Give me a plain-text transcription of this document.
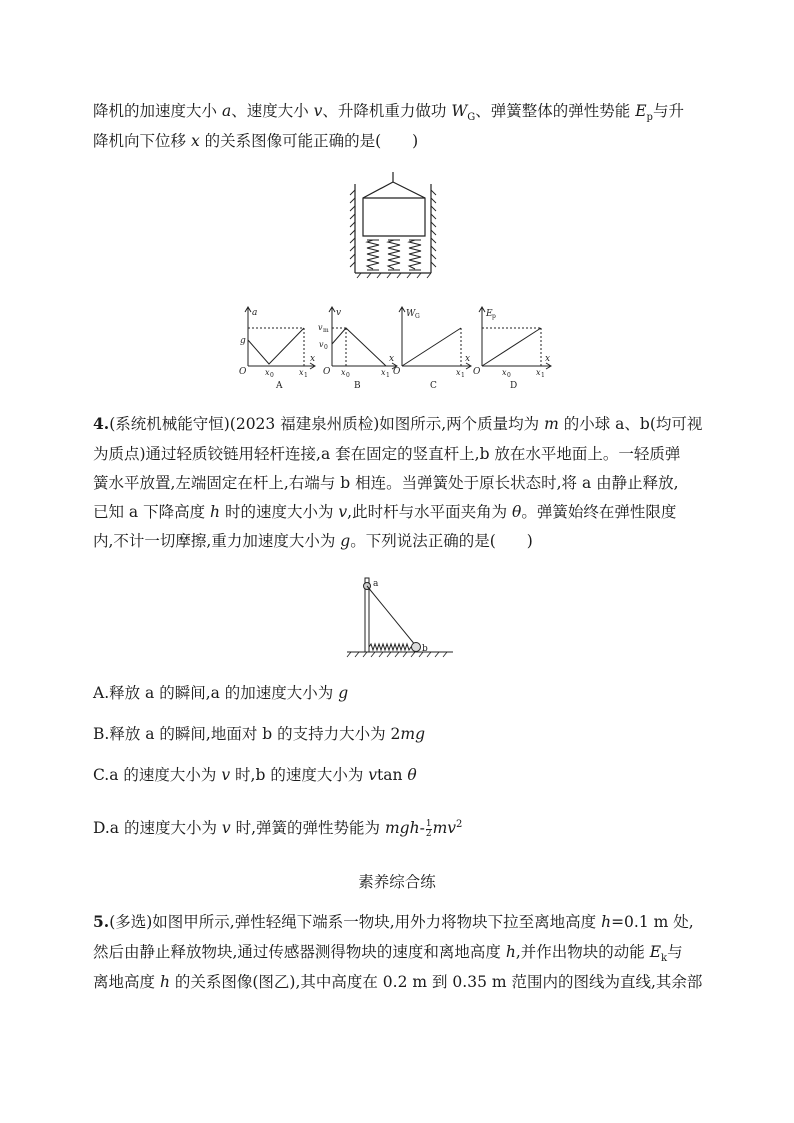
降机的加速度大小 a、速度大小 v、升降机重力做功 $W_G$、弹簧整体的弹性势能 $E_p$与升
降机向下位移 x 的关系图像可能正确的是(　　)
a
g
O x 0	x 1
x
A
v
v m
v 0
O x 0	x 1
x
B
W G
O	x 1
x
C
E p
O	x 0	x 1
x
D
4.(系统机械能守恒)(2023 福建泉州质检)如图所示,两个质量均为 m 的小球 a、b(均可视
为质点)通过轻质铰链用轻杆连接,a 套在固定的竖直杆上,b 放在水平地面上。一轻质弹
簧水平放置,左端固定在杆上,右端与 b 相连。当弹簧处于原长状态时,将 a 由静止释放,
已知 a 下降高度 h 时的速度大小为 v,此时杆与水平面夹角为 θ。弹簧始终在弹性限度
内,不计一切摩擦,重力加速度大小为 g。下列说法正确的是(　　)
a
b
A.释放 a 的瞬间,a 的加速度大小为 g
B.释放 a 的瞬间,地面对 b 的支持力大小为 2mg
C.a 的速度大小为 v 时,b 的速度大小为 vtan θ
D.a 的速度大小为 v 时,弹簧的弹性势能为 $mgh- \frac{1}{2} mv^2$
素养综合练
5.(多选)如图甲所示,弹性轻绳下端系一物块,用外力将物块下拉至离地高度 h=0.1 m 处,
然后由静止释放物块,通过传感器测得物块的速度和离地高度 h,并作出物块的动能 $E_k$与
离地高度 h 的关系图像(图乙),其中高度在 0.2 m 到 0.35 m 范围内的图线为直线,其余部
